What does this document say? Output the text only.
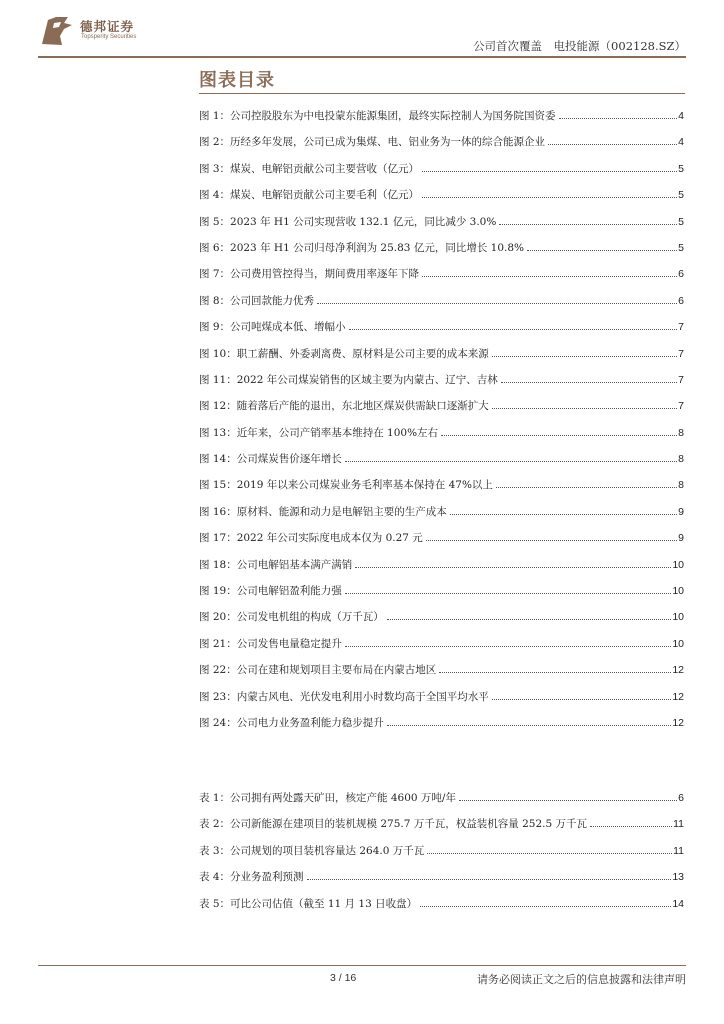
德邦证券
Topsperity Securities
公司首次覆盖　电投能源（002128.SZ）
图表目录
图 1：公司控股股东为中电投蒙东能源集团，最终实际控制人为国务院国资委	4
图 2：历经多年发展，公司已成为集煤、电、铝业务为一体的综合能源企业	4
图 3：煤炭、电解铝贡献公司主要营收（亿元）	5
图 4：煤炭、电解铝贡献公司主要毛利（亿元）	5
图 5：2023 年 H1 公司实现营收 132.1 亿元，同比减少 3.0%	5
图 6：2023 年 H1 公司归母净利润为 25.83 亿元，同比增长 10.8%	5
图 7：公司费用管控得当，期间费用率逐年下降	6
图 8：公司回款能力优秀	6
图 9：公司吨煤成本低、增幅小	7
图 10：职工薪酬、外委剥离费、原材料是公司主要的成本来源	7
图 11：2022 年公司煤炭销售的区域主要为内蒙古、辽宁、吉林	7
图 12：随着落后产能的退出，东北地区煤炭供需缺口逐渐扩大	7
图 13：近年来，公司产销率基本维持在 100%左右	8
图 14：公司煤炭售价逐年增长	8
图 15：2019 年以来公司煤炭业务毛利率基本保持在 47%以上	8
图 16：原材料、能源和动力是电解铝主要的生产成本	9
图 17：2022 年公司实际度电成本仅为 0.27 元	9
图 18：公司电解铝基本满产满销	10
图 19：公司电解铝盈利能力强	10
图 20：公司发电机组的构成（万千瓦）	10
图 21：公司发售电量稳定提升	10
图 22：公司在建和规划项目主要布局在内蒙古地区	12
图 23：内蒙古风电、光伏发电利用小时数均高于全国平均水平	12
图 24：公司电力业务盈利能力稳步提升	12
表 1：公司拥有两处露天矿田，核定产能 4600 万吨/年	6
表 2：公司新能源在建项目的装机规模 275.7 万千瓦，权益装机容量 252.5 万千瓦	11
表 3：公司规划的项目装机容量达 264.0 万千瓦	11
表 4：分业务盈利预测	13
表 5：可比公司估值（截至 11 月 13 日收盘）	14
3 / 16	请务必阅读正文之后的信息披露和法律声明
